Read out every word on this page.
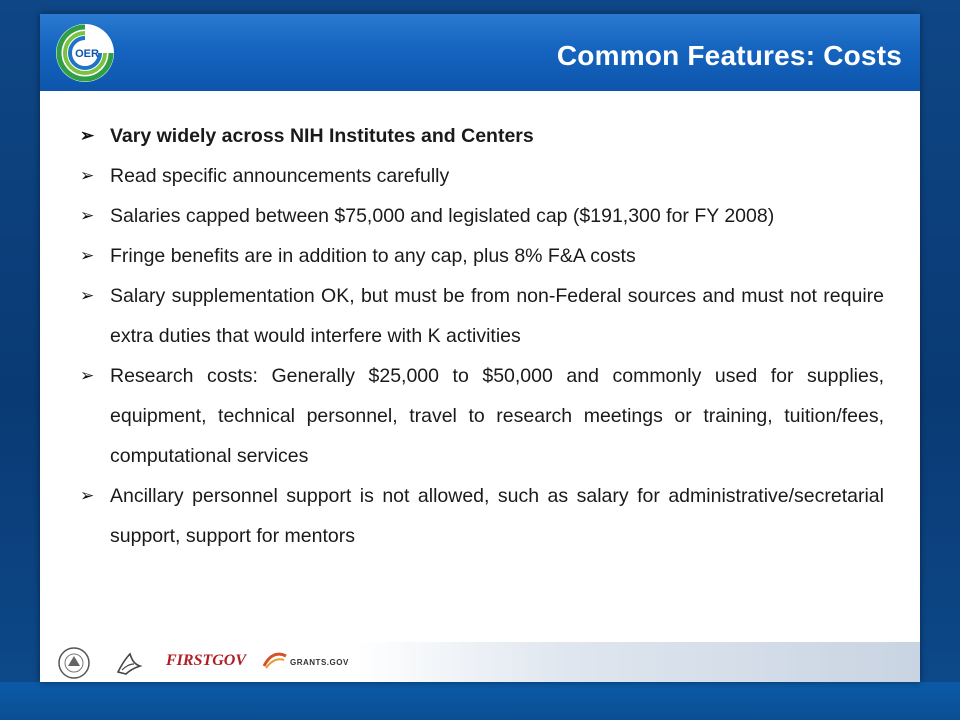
OER	Common Features: Costs
➢ Vary widely across NIH Institutes and Centers
➢ Read specific announcements carefully
➢ Salaries capped between $75,000 and legislated cap ($191,300 for FY 2008)
➢ Fringe benefits are in addition to any cap, plus 8% F&A costs
➢ Salary supplementation OK, but must be from non-Federal sources and must not require extra duties that would interfere with K activities
➢ Research costs: Generally $25,000 to $50,000 and commonly used for supplies, equipment, technical personnel, travel to research meetings or training, tuition/fees, computational services
➢ Ancillary personnel support is not allowed, such as salary for administrative/secretarial support, support for mentors
FIRSTGOV	GRANTS.GOV
